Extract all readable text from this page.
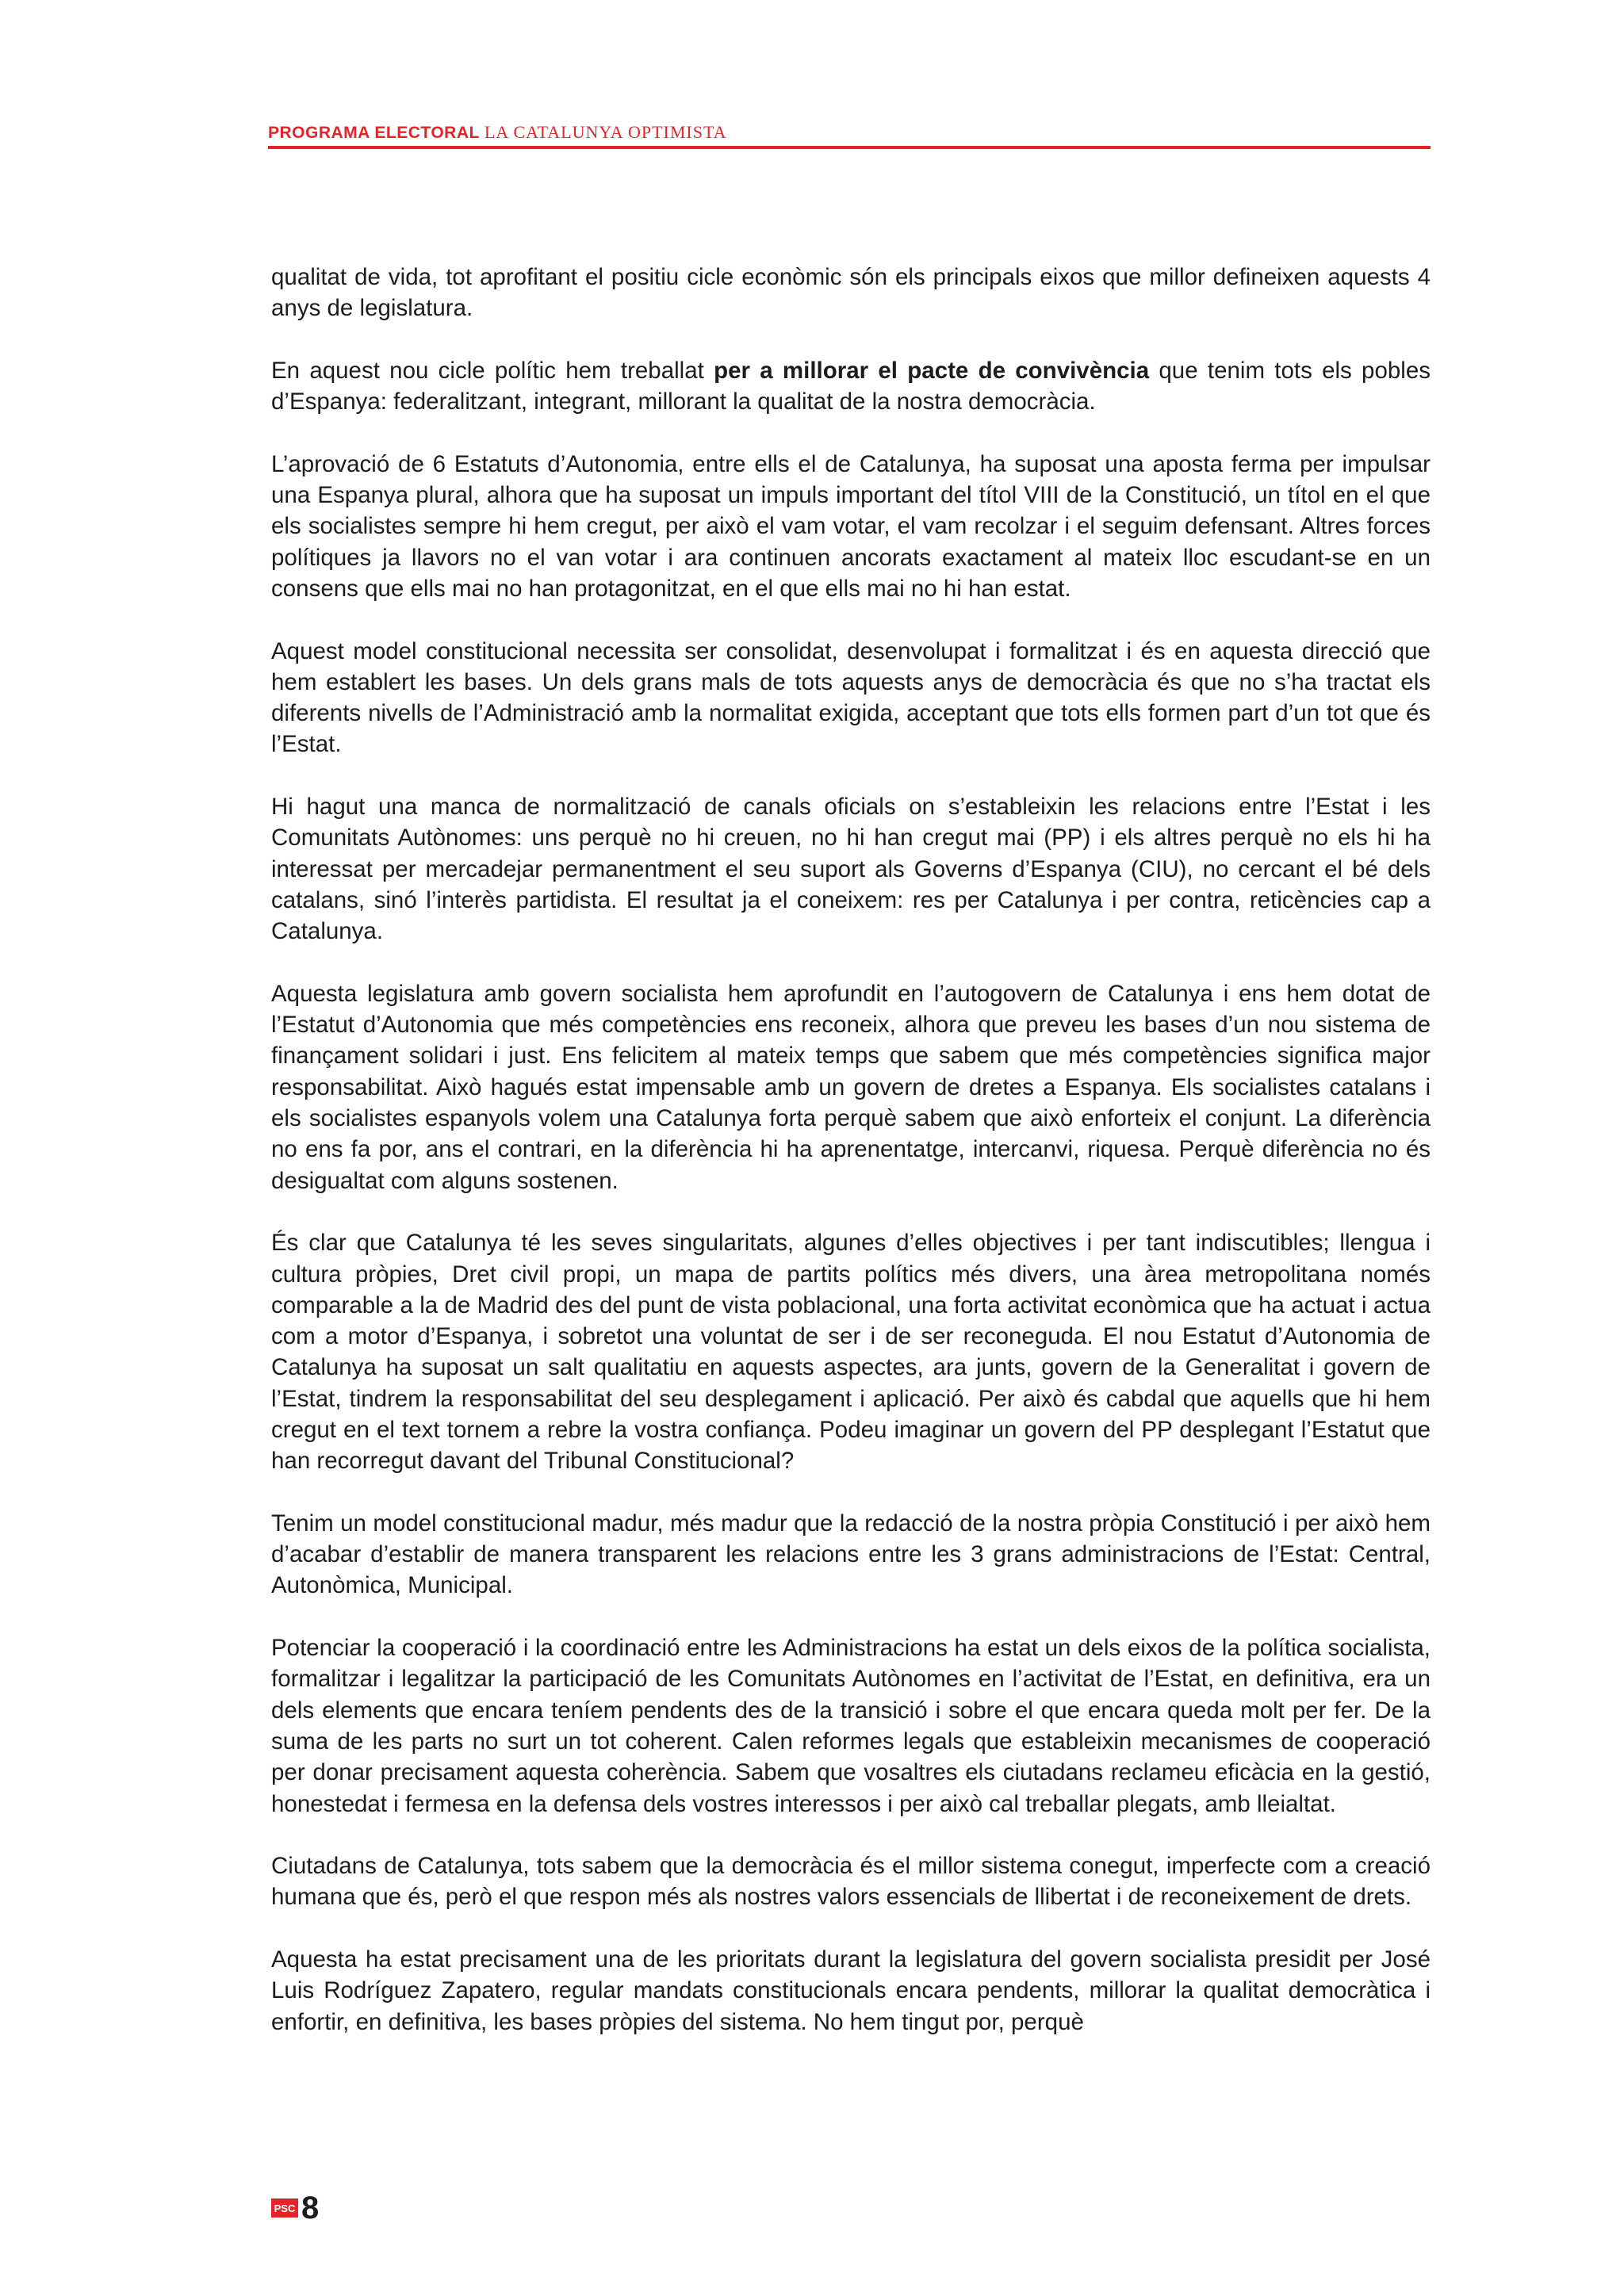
PROGRAMA ELECTORAL LA CATALUNYA OPTIMISTA

qualitat de vida, tot aprofitant el positiu cicle econòmic són els principals eixos que millor defineixen aquests 4 anys de legislatura.

En aquest nou cicle polític hem treballat per a millorar el pacte de convivència que tenim tots els pobles d’Espanya: federalitzant, integrant, millorant la qualitat de la nostra democràcia.

L’aprovació de 6 Estatuts d’Autonomia, entre ells el de Catalunya, ha suposat una aposta ferma per impulsar una Espanya plural, alhora que ha suposat un impuls important del títol VIII de la Constitució, un títol en el que els socialistes sempre hi hem cregut, per això el vam votar, el vam recolzar i el seguim defensant. Altres forces polítiques ja llavors no el van votar i ara continuen ancorats exactament al mateix lloc escudant-se en un consens que ells mai no han protagonitzat, en el que ells mai no hi han estat.

Aquest model constitucional necessita ser consolidat, desenvolupat i formalitzat i és en aquesta direcció que hem establert les bases. Un dels grans mals de tots aquests anys de democràcia és que no s’ha tractat els diferents nivells de l’Administració amb la normalitat exigida, acceptant que tots ells formen part d’un tot que és l’Estat.

Hi hagut una manca de normalització de canals oficials on s’estableixin les relacions entre l’Estat i les Comunitats Autònomes: uns perquè no hi creuen, no hi han cregut mai (PP) i els altres perquè no els hi ha interessat per mercadejar permanentment el seu suport als Governs d’Espanya (CIU), no cercant el bé dels catalans, sinó l’interès partidista. El resultat ja el coneixem: res per Catalunya i per contra, reticències cap a Catalunya.

Aquesta legislatura amb govern socialista hem aprofundit en l’autogovern de Catalunya i ens hem dotat de l’Estatut d’Autonomia que més competències ens reconeix, alhora que preveu les bases d’un nou sistema de finançament solidari i just. Ens felicitem al mateix temps que sabem que més competències significa major responsabilitat. Això hagués estat impensable amb un govern de dretes a Espanya. Els socialistes catalans i els socialistes espanyols volem una Catalunya forta perquè sabem que això enforteix el conjunt. La diferència no ens fa por, ans el contrari, en la diferència hi ha aprenentatge, intercanvi, riquesa. Perquè diferència no és desigualtat com alguns sostenen.

És clar que Catalunya té les seves singularitats, algunes d’elles objectives i per tant indiscutibles; llengua i cultura pròpies, Dret civil propi, un mapa de partits polítics més divers, una àrea metropolitana només comparable a la de Madrid des del punt de vista poblacional, una forta activitat econòmica que ha actuat i actua com a motor d’Espanya, i sobretot una voluntat de ser i de ser reconeguda. El nou Estatut d’Autonomia de Catalunya ha suposat un salt qualitatiu en aquests aspectes, ara junts, govern de la Generalitat i govern de l’Estat, tindrem la responsabilitat del seu desplegament i aplicació. Per això és cabdal que aquells que hi hem cregut en el text tornem a rebre la vostra confiança. Podeu imaginar un govern del PP desplegant l’Estatut que han recorregut davant del Tribunal Constitucional?

Tenim un model constitucional madur, més madur que la redacció de la nostra pròpia Constitució i per això hem d’acabar d’establir de manera transparent les relacions entre les 3 grans administracions de l’Estat: Central, Autonòmica, Municipal.

Potenciar la cooperació i la coordinació entre les Administracions ha estat un dels eixos de la política socialista, formalitzar i legalitzar la participació de les Comunitats Autònomes en l’activitat de l’Estat, en definitiva, era un dels elements que encara teníem pendents des de la transició i sobre el que encara queda molt per fer. De la suma de les parts no surt un tot coherent. Calen reformes legals que estableixin mecanismes de cooperació per donar precisament aquesta coherència. Sabem que vosaltres els ciutadans reclameu eficàcia en la gestió, honestedat i fermesa en la defensa dels vostres interessos i per això cal treballar plegats, amb lleialtat.

Ciutadans de Catalunya, tots sabem que la democràcia és el millor sistema conegut, imperfecte com a creació humana que és, però el que respon més als nostres valors essencials de llibertat i de reconeixement de drets.

Aquesta ha estat precisament una de les prioritats durant la legislatura del govern socialista presidit per José Luis Rodríguez Zapatero, regular mandats constitucionals encara pendents, millorar la qualitat democràtica i enfortir, en definitiva, les bases pròpies del sistema. No hem tingut por, perquè

PSC 8
